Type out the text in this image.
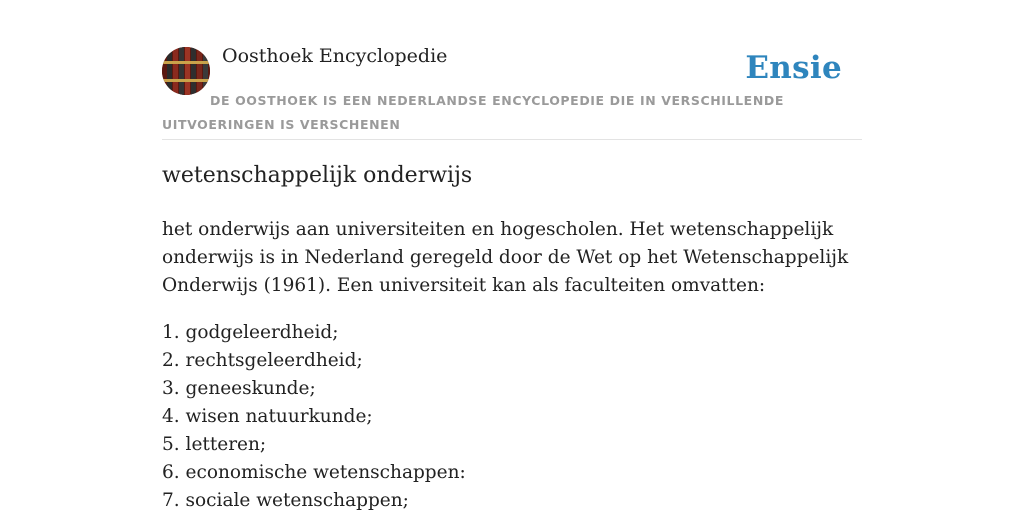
Oosthoek Encyclopedie	Ensie
DE OOSTHOEK IS EEN NEDERLANDSE ENCYCLOPEDIE DIE IN VERSCHILLENDE UITVOERINGEN IS VERSCHENEN
wetenschappelijk onderwijs

het onderwijs aan universiteiten en hogescholen. Het wetenschappelijk onderwijs is in Nederland geregeld door de Wet op het Wetenschappelijk Onderwijs (1961). Een universiteit kan als faculteiten omvatten:

1. godgeleerdheid;
2. rechtsgeleerdheid;
3. geneeskunde;
4. wisen natuurkunde;
5. letteren;
6. economische wetenschappen:
7. sociale wetenschappen;
